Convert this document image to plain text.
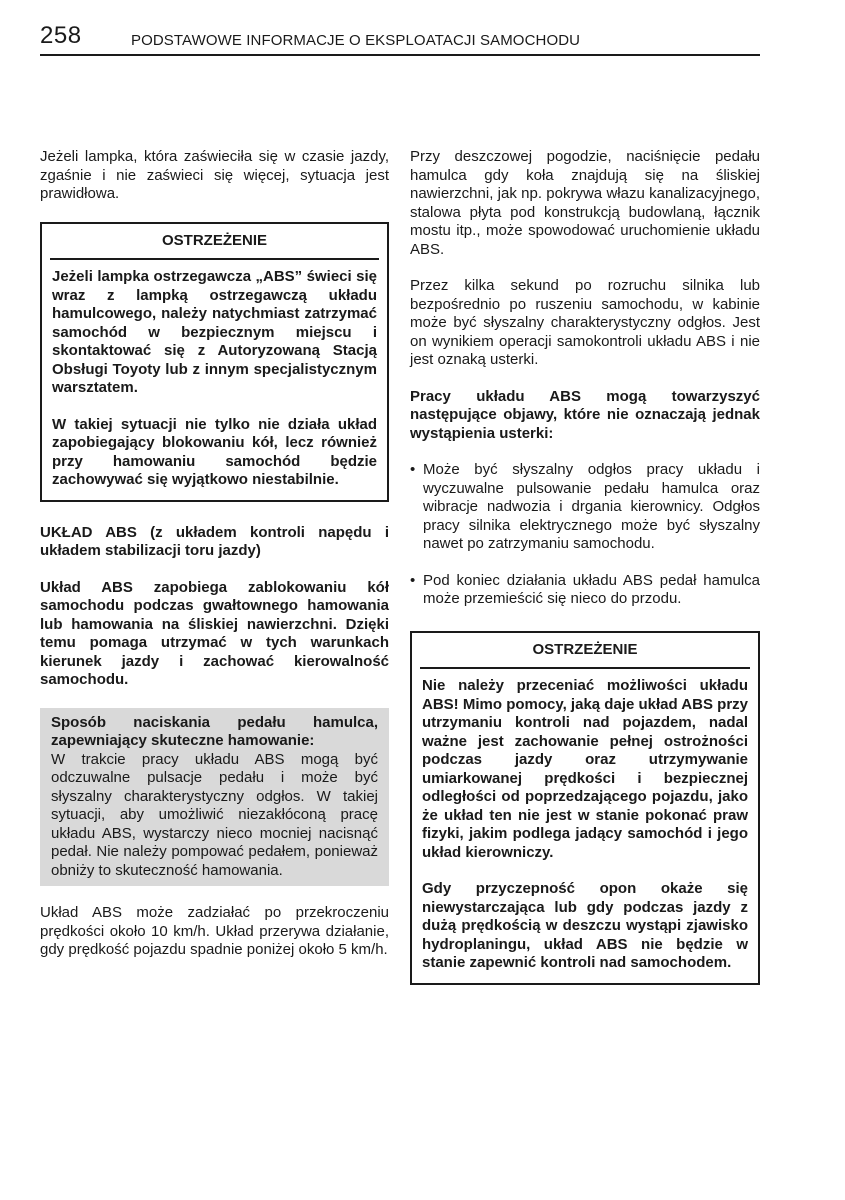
258	PODSTAWOWE INFORMACJE O EKSPLOATACJI SAMOCHODU

Jeżeli lampka, która zaświeciła się w czasie jazdy, zgaśnie i nie zaświeci się więcej, sytuacja jest prawidłowa.

OSTRZEŻENIE

Jeżeli lampka ostrzegawcza „ABS” świeci się wraz z lampką ostrzegawczą układu hamulcowego, należy natychmiast zatrzymać samochód w bezpiecznym miejscu i skontaktować się z Autoryzowaną Stacją Obsługi Toyoty lub z innym specjalistycznym warsztatem.

W takiej sytuacji nie tylko nie działa układ zapobiegający blokowaniu kół, lecz również przy hamowaniu samochód będzie zachowywać się wyjątkowo niestabilnie.

UKŁAD ABS (z układem kontroli napędu i układem stabilizacji toru jazdy)

Układ ABS zapobiega zablokowaniu kół samochodu podczas gwałtownego hamowania lub hamowania na śliskiej nawierzchni. Dzięki temu pomaga utrzymać w tych warunkach kierunek jazdy i zachować kierowalność samochodu.

Sposób naciskania pedału hamulca, zapewniający skuteczne hamowanie:

W trakcie pracy układu ABS mogą być odczuwalne pulsacje pedału i może być słyszalny charakterystyczny odgłos. W takiej sytuacji, aby umożliwić niezakłóconą pracę układu ABS, wystarczy nieco mocniej nacisnąć pedał. Nie należy pompować pedałem, ponieważ obniży to skuteczność hamowania.

Układ ABS może zadziałać po przekroczeniu prędkości około 10 km/h. Układ przerywa działanie, gdy prędkość pojazdu spadnie poniżej około 5 km/h.

Przy deszczowej pogodzie, naciśnięcie pedału hamulca gdy koła znajdują się na śliskiej nawierzchni, jak np. pokrywa włazu kanalizacyjnego, stalowa płyta pod konstrukcją budowlaną, łącznik mostu itp., może spowodować uruchomienie układu ABS.

Przez kilka sekund po rozruchu silnika lub bezpośrednio po ruszeniu samochodu, w kabinie może być słyszalny charakterystyczny odgłos. Jest on wynikiem operacji samokontroli układu ABS i nie jest oznaką usterki.

Pracy układu ABS mogą towarzyszyć następujące objawy, które nie oznaczają jednak wystąpienia usterki:

• Może być słyszalny odgłos pracy układu i wyczuwalne pulsowanie pedału hamulca oraz wibracje nadwozia i drgania kierownicy. Odgłos pracy silnika elektrycznego może być słyszalny nawet po zatrzymaniu samochodu.
• Pod koniec działania układu ABS pedał hamulca może przemieścić się nieco do przodu.
OSTRZEŻENIE

Nie należy przeceniać możliwości układu ABS! Mimo pomocy, jaką daje układ ABS przy utrzymaniu kontroli nad pojazdem, nadal ważne jest zachowanie pełnej ostrożności podczas jazdy oraz utrzymywanie umiarkowanej prędkości i bezpiecznej odległości od poprzedzającego pojazdu, jako że układ ten nie jest w stanie pokonać praw fizyki, jakim podlega jadący samochód i jego układ kierowniczy.

Gdy przyczepność opon okaże się niewystarczająca lub gdy podczas jazdy z dużą prędkością w deszczu wystąpi zjawisko hydroplaningu, układ ABS nie będzie w stanie zapewnić kontroli nad samochodem.
